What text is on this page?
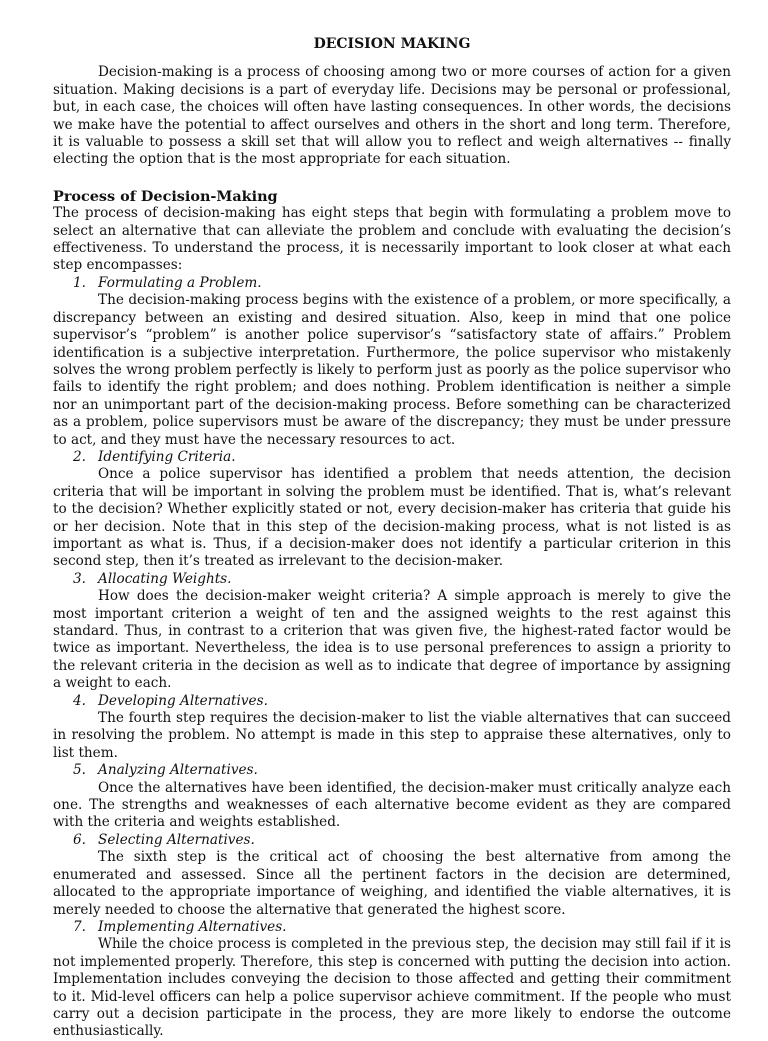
DECISION MAKING

Decision-making is a process of choosing among two or more courses of action for a given situation. Making decisions is a part of everyday life. Decisions may be personal or professional, but, in each case, the choices will often have lasting consequences. In other words, the decisions we make have the potential to affect ourselves and others in the short and long term. Therefore, it is valuable to possess a skill set that will allow you to reflect and weigh alternatives -- finally electing the option that is the most appropriate for each situation.

Process of Decision-Making

The process of decision-making has eight steps that begin with formulating a problem move to select an alternative that can alleviate the problem and conclude with evaluating the decision’s effectiveness. To understand the process, it is necessarily important to look closer at what each step encompasses:

1. Formulating a Problem.

The decision-making process begins with the existence of a problem, or more specifically, a discrepancy between an existing and desired situation. Also, keep in mind that one police supervisor’s “problem” is another police supervisor’s “satisfactory state of affairs.” Problem identification is a subjective interpretation. Furthermore, the police supervisor who mistakenly solves the wrong problem perfectly is likely to perform just as poorly as the police supervisor who fails to identify the right problem; and does nothing. Problem identification is neither a simple nor an unimportant part of the decision-making process. Before something can be characterized as a problem, police supervisors must be aware of the discrepancy; they must be under pressure to act, and they must have the necessary resources to act.

2. Identifying Criteria.

Once a police supervisor has identified a problem that needs attention, the decision criteria that will be important in solving the problem must be identified. That is, what’s relevant to the decision? Whether explicitly stated or not, every decision-maker has criteria that guide his or her decision. Note that in this step of the decision-making process, what is not listed is as important as what is. Thus, if a decision-maker does not identify a particular criterion in this second step, then it’s treated as irrelevant to the decision-maker.

3. Allocating Weights.

How does the decision-maker weight criteria? A simple approach is merely to give the most important criterion a weight of ten and the assigned weights to the rest against this standard. Thus, in contrast to a criterion that was given five, the highest-rated factor would be twice as important. Nevertheless, the idea is to use personal preferences to assign a priority to the relevant criteria in the decision as well as to indicate that degree of importance by assigning a weight to each.

4. Developing Alternatives.

The fourth step requires the decision-maker to list the viable alternatives that can succeed in resolving the problem. No attempt is made in this step to appraise these alternatives, only to list them.

5. Analyzing Alternatives.

Once the alternatives have been identified, the decision-maker must critically analyze each one. The strengths and weaknesses of each alternative become evident as they are compared with the criteria and weights established.

6. Selecting Alternatives.

The sixth step is the critical act of choosing the best alternative from among the enumerated and assessed. Since all the pertinent factors in the decision are determined, allocated to the appropriate importance of weighing, and identified the viable alternatives, it is merely needed to choose the alternative that generated the highest score.

7. Implementing Alternatives.

While the choice process is completed in the previous step, the decision may still fail if it is not implemented properly. Therefore, this step is concerned with putting the decision into action. Implementation includes conveying the decision to those affected and getting their commitment to it. Mid-level officers can help a police supervisor achieve commitment. If the people who must carry out a decision participate in the process, they are more likely to endorse the outcome enthusiastically.
